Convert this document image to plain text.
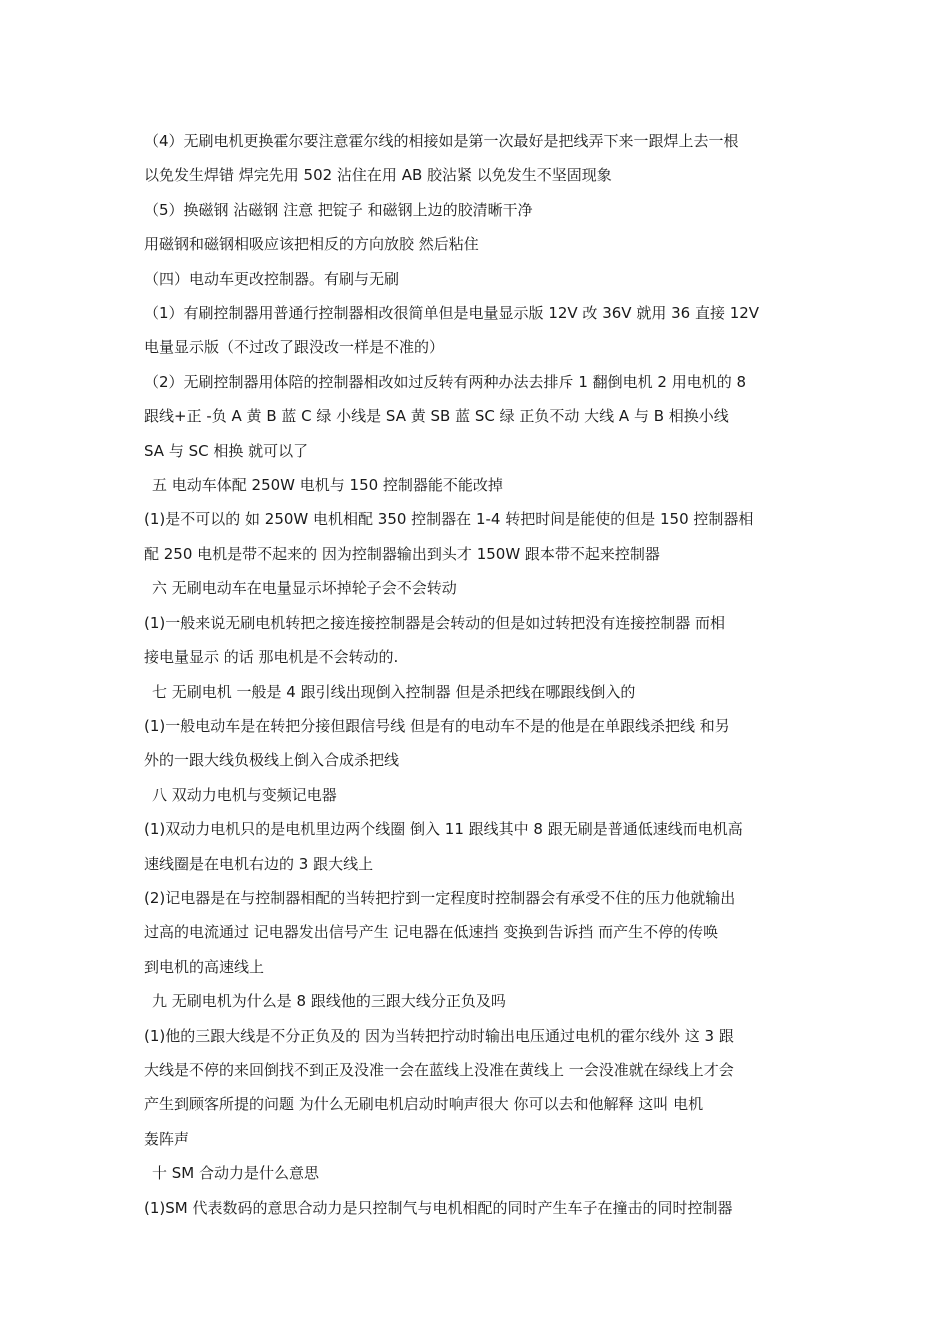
（4）无刷电机更换霍尔要注意霍尔线的相接如是第一次最好是把线弄下来一跟焊上去一根

以免发生焊错 焊完先用 502 沾住在用 AB 胶沾紧 以免发生不坚固现象

（5）换磁钢 沾磁钢 注意 把锭子 和磁钢上边的胶清晰干净

用磁钢和磁钢相吸应该把相反的方向放胶 然后粘住

（四）电动车更改控制器。有刷与无刷

（1）有刷控制器用普通行控制器相改很简单但是电量显示版 12V 改 36V 就用 36 直接 12V

电量显示版（不过改了跟没改一样是不准的）

（2）无刷控制器用体陪的控制器相改如过反转有两种办法去排斥 1 翻倒电机 2 用电机的 8

跟线+正 -负 A 黄 B 蓝 C 绿 小线是 SA 黄 SB 蓝 SC 绿 正负不动 大线 A 与 B 相换小线

SA 与 SC 相换 就可以了

五 电动车体配 250W 电机与 150 控制器能不能改掉

(1)是不可以的 如 250W 电机相配 350 控制器在 1-4 转把时间是能使的但是 150 控制器相

配 250 电机是带不起来的 因为控制器输出到头才 150W 跟本带不起来控制器

六 无刷电动车在电量显示坏掉轮子会不会转动

(1)一般来说无刷电机转把之接连接控制器是会转动的但是如过转把没有连接控制器 而相

接电量显示 的话 那电机是不会转动的.

七 无刷电机 一般是 4 跟引线出现倒入控制器 但是杀把线在哪跟线倒入的

(1)一般电动车是在转把分接但跟信号线 但是有的电动车不是的他是在单跟线杀把线 和另

外的一跟大线负极线上倒入合成杀把线

八 双动力电机与变频记电器

(1)双动力电机只的是电机里边两个线圈 倒入 11 跟线其中 8 跟无刷是普通低速线而电机高

速线圈是在电机右边的 3 跟大线上

(2)记电器是在与控制器相配的当转把拧到一定程度时控制器会有承受不住的压力他就输出

过高的电流通过 记电器发出信号产生 记电器在低速挡 变换到告诉挡 而产生不停的传唤

到电机的高速线上

九 无刷电机为什么是 8 跟线他的三跟大线分正负及吗

(1)他的三跟大线是不分正负及的 因为当转把拧动时输出电压通过电机的霍尔线外 这 3 跟

大线是不停的来回倒找不到正及没准一会在蓝线上没准在黄线上 一会没准就在绿线上才会

产生到顾客所提的问题 为什么无刷电机启动时响声很大 你可以去和他解释 这叫 电机

轰阵声

十 SM 合动力是什么意思

(1)SM 代表数码的意思合动力是只控制气与电机相配的同时产生车子在撞击的同时控制器
